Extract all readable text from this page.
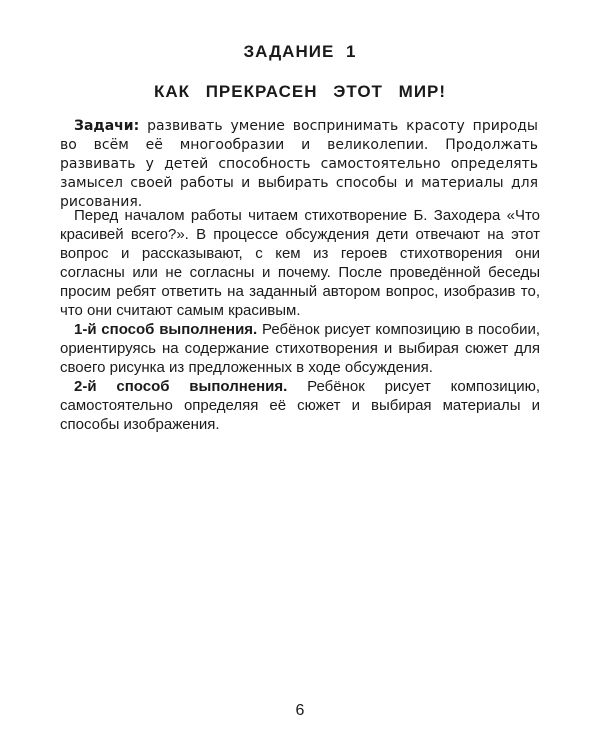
ЗАДАНИЕ 1
КАК ПРЕКРАСЕН ЭТОТ МИР!
Задачи: развивать умение воспринимать красоту природы во всём её многообразии и великолепии. Продолжать развивать у детей способность самостоятельно определять замысел своей работы и выбирать способы и материалы для рисования.

Перед началом работы читаем стихотворение Б. Заходера «Что красивей всего?». В процессе обсуждения дети отвечают на этот вопрос и рассказывают, с кем из героев стихотворения они согласны или не согласны и почему. После проведённой беседы просим ребят ответить на заданный автором вопрос, изобразив то, что они считают самым красивым.

1-й способ выполнения. Ребёнок рисует композицию в пособии, ориентируясь на содержание стихотворения и выбирая сюжет для своего рисунка из предложенных в ходе обсуждения.

2-й способ выполнения. Ребёнок рисует композицию, самостоятельно определяя её сюжет и выбирая материалы и способы изображения.

6
